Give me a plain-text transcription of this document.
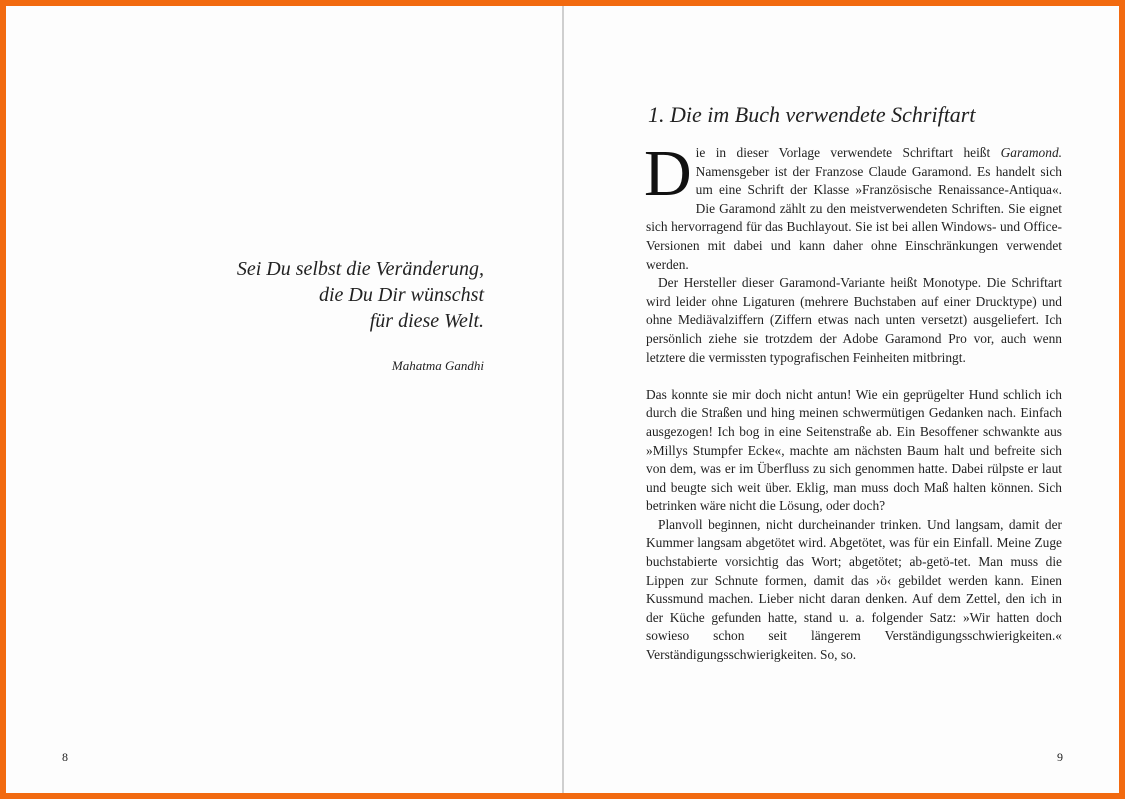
Sei Du selbst die Veränderung,
die Du Dir wünschst
für diese Welt.
Mahatma Gandhi
8
1. Die im Buch verwendete Schriftart

Die in dieser Vorlage verwendete Schriftart heißt Garamond. Namensgeber ist der Franzose Claude Garamond. Es handelt sich um eine Schrift der Klasse »Französische Renaissance-Antiqua«. Die Garamond zählt zu den meistverwendeten Schriften. Sie eignet sich hervorragend für das Buchlayout. Sie ist bei allen Windows- und Office-Versionen mit dabei und kann daher ohne Einschränkungen verwendet werden.

Der Hersteller dieser Garamond-Variante heißt Monotype. Die Schriftart wird leider ohne Ligaturen (mehrere Buchstaben auf einer Drucktype) und ohne Mediävalziffern (Ziffern etwas nach unten versetzt) ausgeliefert. Ich persönlich ziehe sie trotzdem der Adobe Garamond Pro vor, auch wenn letztere die vermissten typografischen Feinheiten mitbringt.

Das konnte sie mir doch nicht antun! Wie ein geprügelter Hund schlich ich durch die Straßen und hing meinen schwermütigen Gedanken nach. Einfach ausgezogen! Ich bog in eine Seitenstraße ab. Ein Besoffener schwankte aus »Millys Stumpfer Ecke«, machte am nächsten Baum halt und befreite sich von dem, was er im Überfluss zu sich genommen hatte. Dabei rülpste er laut und beugte sich weit über. Eklig, man muss doch Maß halten können. Sich betrinken wäre nicht die Lösung, oder doch?

Planvoll beginnen, nicht durcheinander trinken. Und langsam, damit der Kummer langsam abgetötet wird. Abgetötet, was für ein Einfall. Meine Zuge buchstabierte vorsichtig das Wort; abgetötet; ab-getö-tet. Man muss die Lippen zur Schnute formen, damit das ›ö‹ gebildet werden kann. Einen Kussmund machen. Lieber nicht daran denken. Auf dem Zettel, den ich in der Küche gefunden hatte, stand u. a. folgender Satz: »Wir hatten doch sowieso schon seit längerem Verständigungsschwierigkeiten.« Verständigungsschwierigkeiten. So, so.

9
